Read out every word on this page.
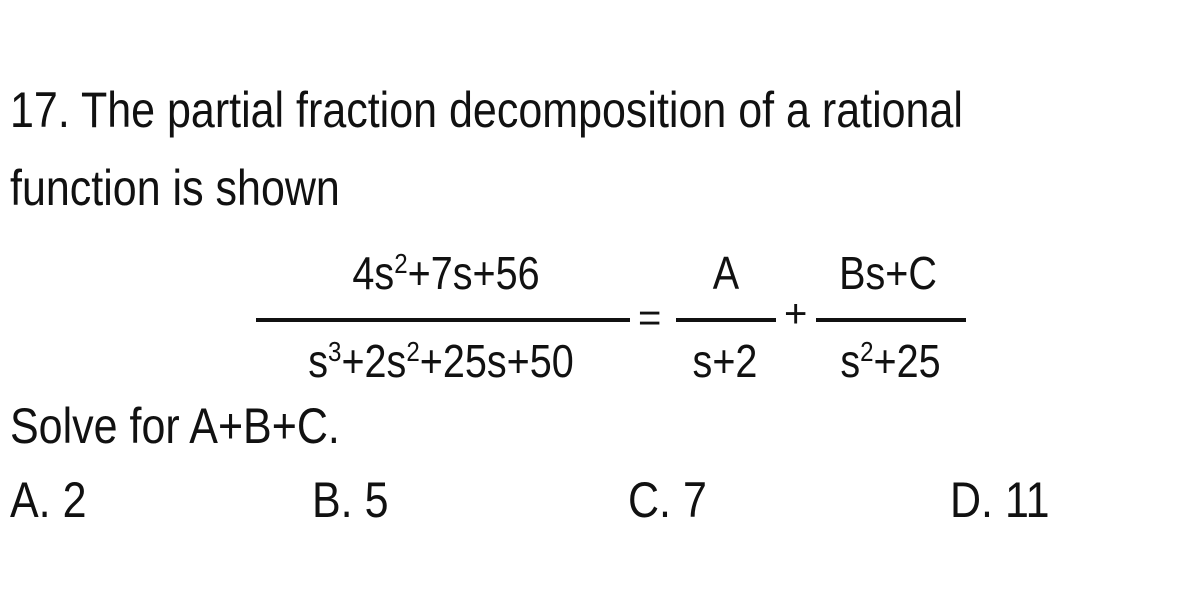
17. The partial fraction decomposition of a rational
function is shown
$4s^2+7s+56$
$s^3+2s^2+25s+50$
=
A
s+2
+
Bs+C
$s^2+25$
Solve for A+B+C.
A. 2	B. 5	C. 7	D. 11
